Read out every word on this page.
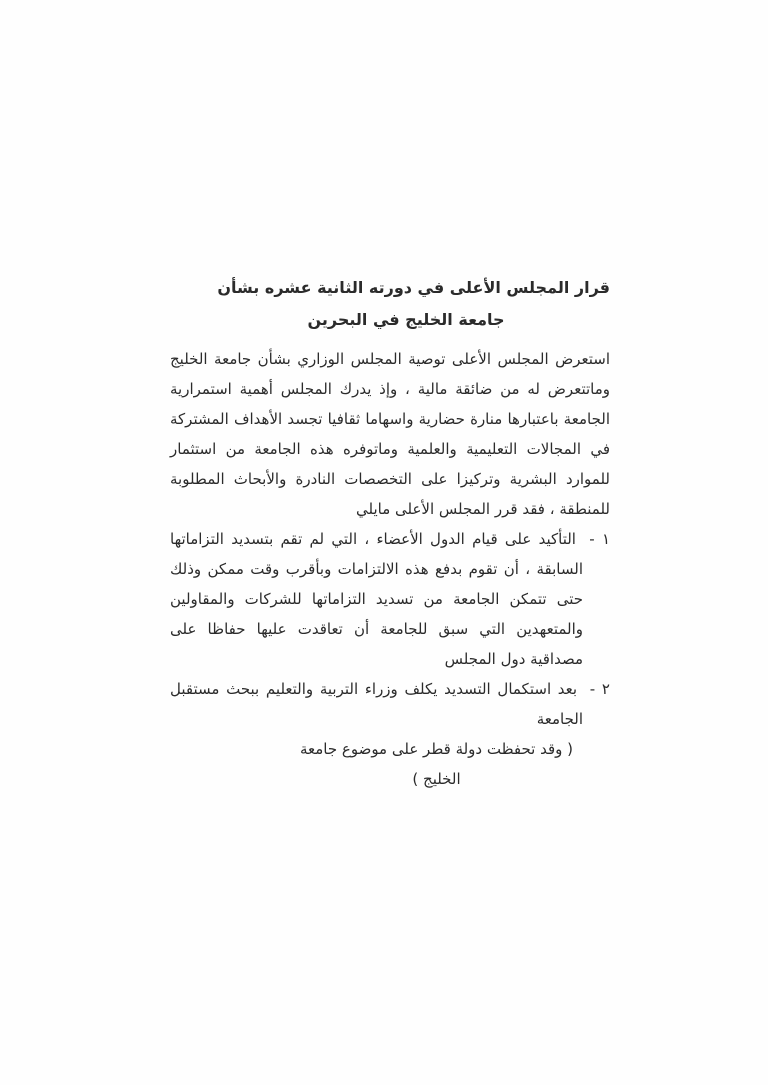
قرار المجلس الأعلى في دورته الثانية عشره بشأن
جامعة الخليج في البحرين

استعرض المجلس الأعلى توصية المجلس الوزاري بشأن جامعة الخليج وماتتعرض له من ضائقة مالية ، وإذ يدرك المجلس أهمية استمرارية الجامعة باعتبارها منارة حضارية واسهاما ثقافيا تجسد الأهداف المشتركة في المجالات التعليمية والعلمية وماتوفره هذه الجامعة من استثمار للموارد البشرية وتركيزا على التخصصات النادرة والأبحاث المطلوبة للمنطقة ، فقد قرر المجلس الأعلى مايلي

١ - التأكيد على قيام الدول الأعضاء ، التي لم تقم بتسديد التزاماتها السابقة ، أن تقوم بدفع هذه الالتزامات وبأقرب وقت ممكن وذلك حتى تتمكن الجامعة من تسديد التزاماتها للشركات والمقاولين والمتعهدين التي سبق للجامعة أن تعاقدت عليها حفاظا على مصداقية دول المجلس
٢ - بعد استكمال التسديد يكلف وزراء التربية والتعليم ببحث مستقبل الجامعة
( وقد تحفظت دولة قطر على موضوع جامعة الخليج )
